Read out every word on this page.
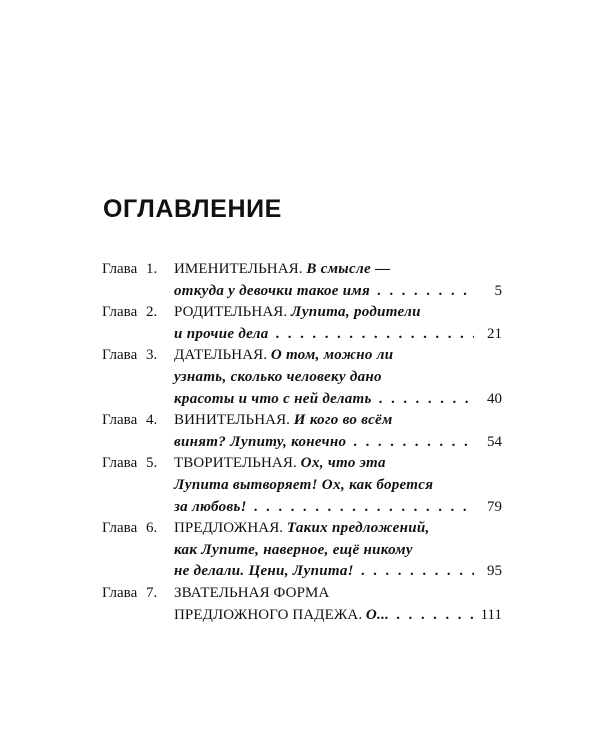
ОГЛАВЛЕНИЕ
Глава 1. ИМЕНИТЕЛЬНАЯ.
В смысле —
откуда у девочки такое имя . . .	5
Глава 2. РОДИТЕЛЬНАЯ.
Лупита, родители
и прочие дела . . .	21
Глава 3. ДАТЕЛЬНАЯ.
О том, можно ли
узнать, сколько человеку дано
красоты и что с ней делать . . .	40
Глава 4. ВИНИТЕЛЬНАЯ.
И кого во всём
винят? Лупиту, конечно . . .	54
Глава 5. ТВОРИТЕЛЬНАЯ.
Ох, что эта
Лупита вытворяет! Ох, как борется
за любовь! . . .	79
Глава 6. ПРЕДЛОЖНАЯ.
Таких предложений,
как Лупите, наверное, ещё никому
не делали. Цени, Лупита! . . .	95
Глава 7. ЗВАТЕЛЬНАЯ ФОРМА
ПРЕДЛОЖНОГО ПАДЕЖА.
О... . . .	111
